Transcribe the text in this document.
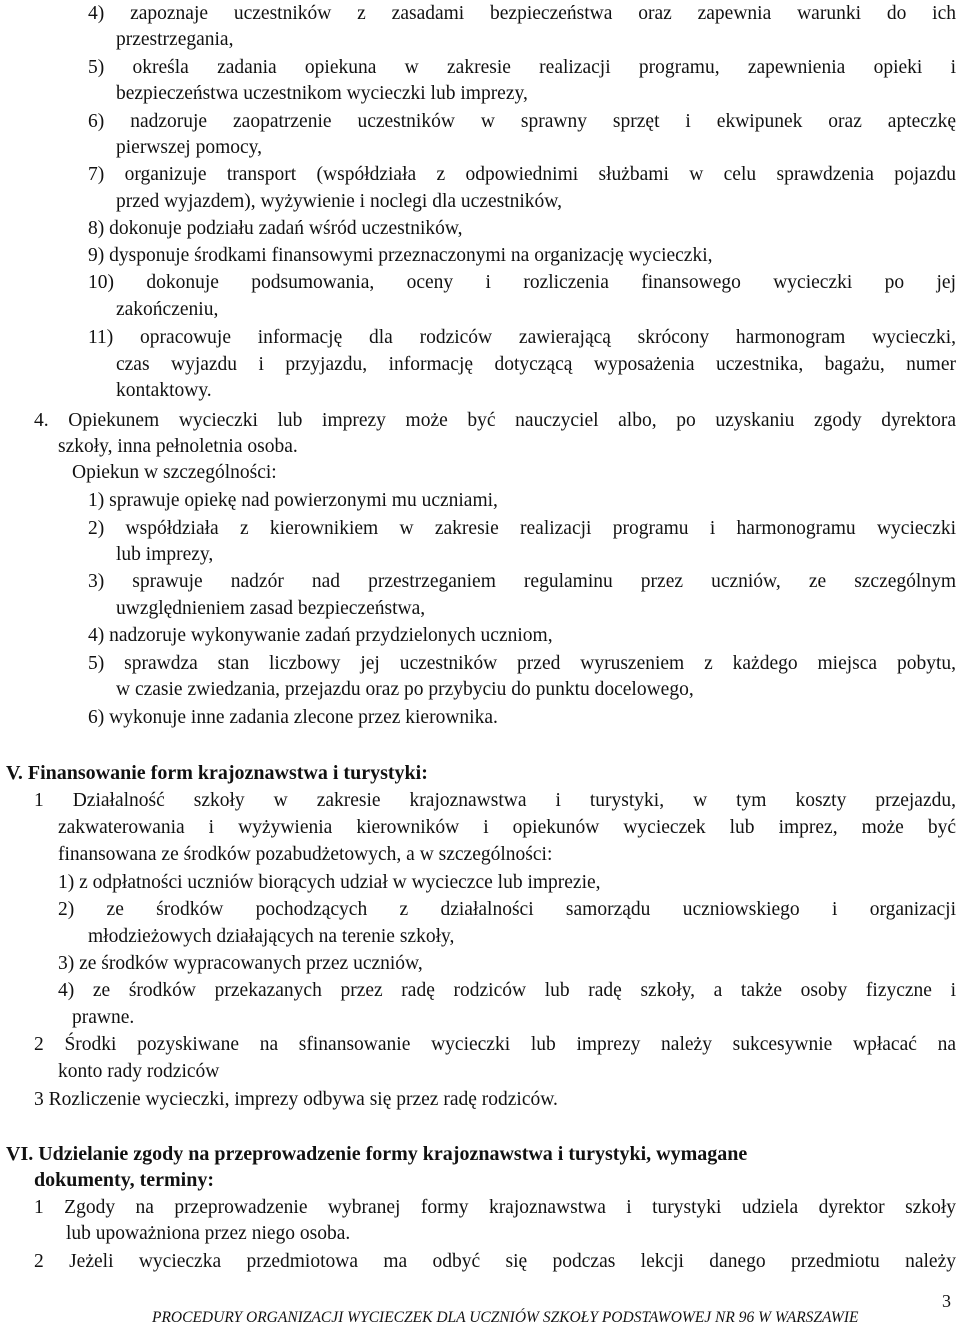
PROCEDURY ORGANIZACJI WYCIECZEK DLA UCZNIÓW SZKOŁY PODSTAWOWEJ NR 96 W WARSZAWIE
3
4) zapoznaje uczestników z zasadami bezpieczeństwa oraz zapewnia warunki do ich
przestrzegania,
5) określa zadania opiekuna w zakresie realizacji programu, zapewnienia opieki i
bezpieczeństwa uczestnikom wycieczki lub imprezy,
6) nadzoruje zaopatrzenie uczestników w sprawny sprzęt i ekwipunek oraz apteczkę
pierwszej pomocy,
7) organizuje transport (współdziała z odpowiednimi służbami w celu sprawdzenia pojazdu
przed wyjazdem), wyżywienie i noclegi dla uczestników,
8) dokonuje podziału zadań wśród uczestników,
9) dysponuje środkami finansowymi przeznaczonymi na organizację wycieczki,
10) dokonuje podsumowania, oceny i rozliczenia finansowego wycieczki po jej
zakończeniu,
11) opracowuje informację dla rodziców zawierającą skrócony harmonogram wycieczki,
czas wyjazdu i przyjazdu, informację dotyczącą wyposażenia uczestnika, bagażu, numer
kontaktowy.
4. Opiekunem wycieczki lub imprezy może być nauczyciel albo, po uzyskaniu zgody dyrektora
szkoły, inna pełnoletnia osoba.
Opiekun w szczególności:
1) sprawuje opiekę nad powierzonymi mu uczniami,
2) współdziała z kierownikiem w zakresie realizacji programu i harmonogramu wycieczki
lub imprezy,
3) sprawuje nadzór nad przestrzeganiem regulaminu przez uczniów, ze szczególnym
uwzględnieniem zasad bezpieczeństwa,
4) nadzoruje wykonywanie zadań przydzielonych uczniom,
5) sprawdza stan liczbowy jej uczestników przed wyruszeniem z każdego miejsca pobytu,
w czasie zwiedzania, przejazdu oraz po przybyciu do punktu docelowego,
6) wykonuje inne zadania zlecone przez kierownika.
V. Finansowanie form krajoznawstwa i turystyki:
1 Działalność szkoły w zakresie krajoznawstwa i turystyki, w tym koszty przejazdu,
zakwaterowania i wyżywienia kierowników i opiekunów wycieczek lub imprez, może być
finansowana ze środków pozabudżetowych, a w szczególności:
1) z odpłatności uczniów biorących udział w wycieczce lub imprezie,
2) ze środków pochodzących z działalności samorządu uczniowskiego i organizacji
młodzieżowych działających na terenie szkoły,
3) ze środków wypracowanych przez uczniów,
4) ze środków przekazanych przez radę rodziców lub radę szkoły, a także osoby fizyczne i
prawne.
2 Środki pozyskiwane na sfinansowanie wycieczki lub imprezy należy sukcesywnie wpłacać na
konto rady rodziców
3 Rozliczenie wycieczki, imprezy odbywa się przez radę rodziców.
VI. Udzielanie zgody na przeprowadzenie formy krajoznawstwa i turystyki, wymagane
dokumenty, terminy:
1 Zgody na przeprowadzenie wybranej formy krajoznawstwa i turystyki udziela dyrektor szkoły
lub upoważniona przez niego osoba.
2 Jeżeli wycieczka przedmiotowa ma odbyć się podczas lekcji danego przedmiotu należy
